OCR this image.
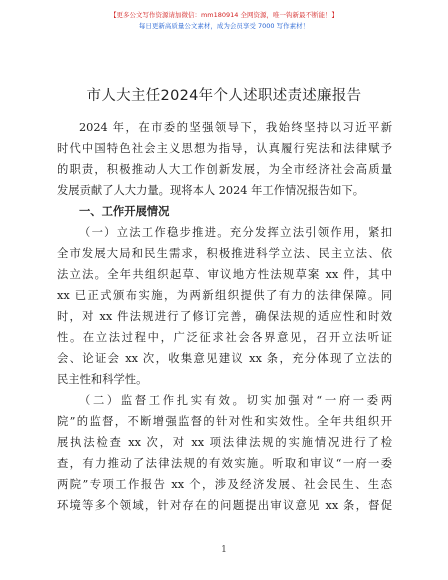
【更多公文写作资源请加微信：mm180914 全网资源，唯一钩新最不断能！】
每日更新高质量公文素材，成为会员享受 7000 写作素材！
市人大主任2024年个人述职述责述廉报告
2024 年，在市委的坚强领导下，我始终坚持以习近平新
时代中国特色社会主义思想为指导，认真履行宪法和法律赋予
的职责，积极推动人大工作创新发展，为全市经济社会高质量
发展贡献了人大力量。现将本人 2024 年工作情况报告如下。
一、工作开展情况
（一）立法工作稳步推进。充分发挥立法引领作用，紧扣
全市发展大局和民生需求，积极推进科学立法、民主立法、依
法立法。全年共组织起草、审议地方性法规草案 xx 件，其中
xx 已正式颁布实施，为两新组织提供了有力的法律保障。同
时，对 xx 件法规进行了修订完善，确保法规的适应性和时效
性。在立法过程中，广泛征求社会各界意见，召开立法听证
会、论证会 xx 次，收集意见建议 xx 条，充分体现了立法的
民主性和科学性。
（二）监督工作扎实有效。切实加强对“一府一委两
院”的监督，不断增强监督的针对性和实效性。全年共组织开
展执法检查 xx 次，对 xx 项法律法规的实施情况进行了检
查，有力推动了法律法规的有效实施。听取和审议“一府一委
两院”专项工作报告 xx 个，涉及经济发展、社会民生、生态
环境等多个领域，针对存在的问题提出审议意见 xx 条，督促
1
